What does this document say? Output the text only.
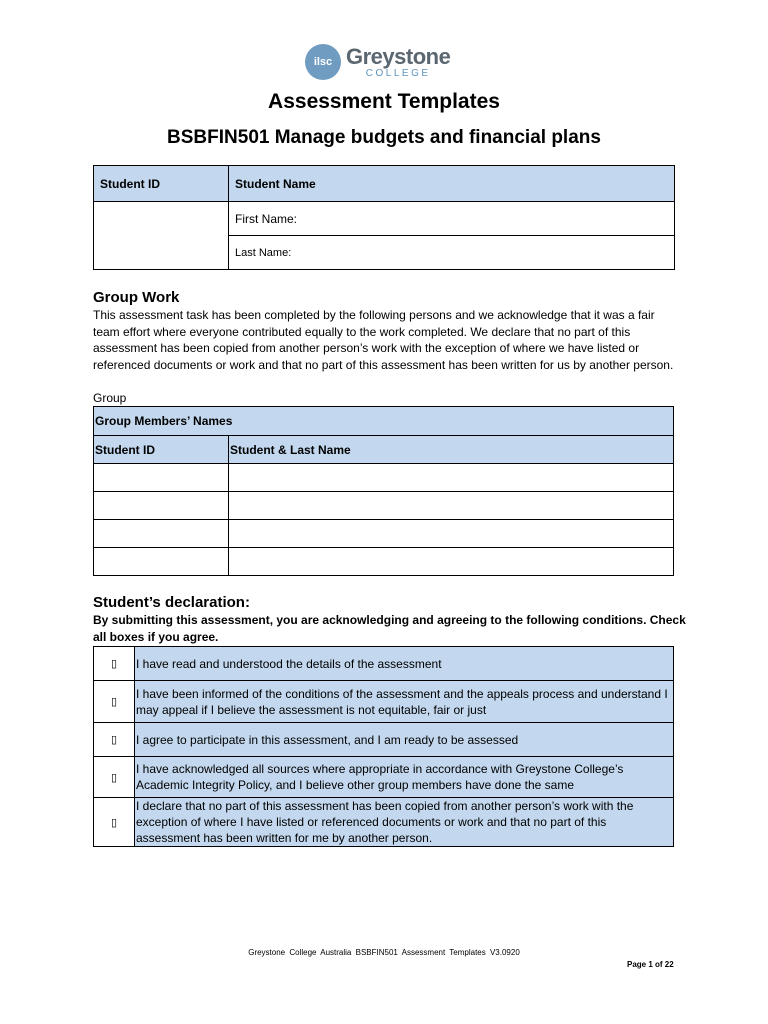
ilsc Greystone
COLLEGE
Assessment Templates
BSBFIN501 Manage budgets and financial plans
Student ID	Student Name
	First Name:
	Last Name:
Group Work
This assessment task has been completed by the following persons and we acknowledge that it was a fair team effort where everyone contributed equally to the work completed. We declare that no part of this assessment has been copied from another person’s work with the exception of where we have listed or referenced documents or work and that no part of this assessment has been written for us by another person.
Group
Group Members’ Names	
Student ID	Student & Last Name

Student’s declaration:
By submitting this assessment, you are acknowledging and agreeing to the following conditions. Check all boxes if you agree.
▯	I have read and understood the details of the assessment
▯	I have been informed of the conditions of the assessment and the appeals process and understand I may appeal if I believe the assessment is not equitable, fair or just
▯	I agree to participate in this assessment, and I am ready to be assessed
▯	I have acknowledged all sources where appropriate in accordance with Greystone College’s Academic Integrity Policy, and I believe other group members have done the same
▯	I declare that no part of this assessment has been copied from another person’s work with the exception of where I have listed or referenced documents or work and that no part of this assessment has been written for me by another person.
Greystone College Australia BSBFIN501 Assessment Templates V3.0920
Page 1 of 22
